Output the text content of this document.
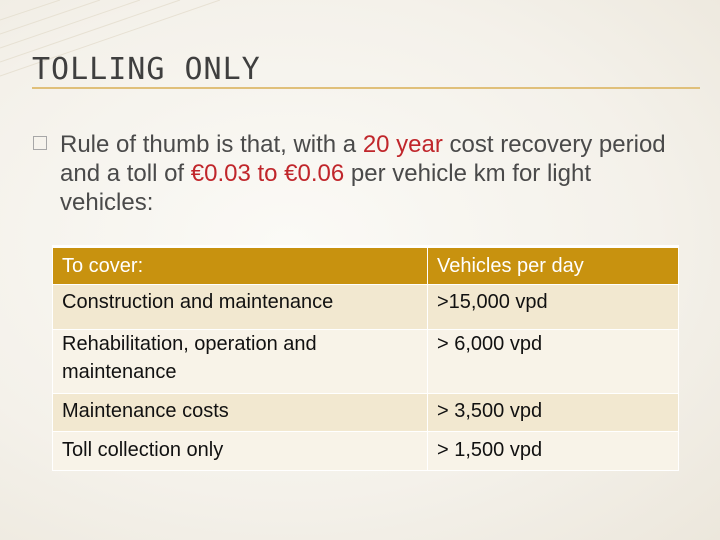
TOLLING ONLY
Rule of thumb is that, with a 20 year cost recovery period and a toll of €0.03 to €0.06 per vehicle km for light vehicles:
To cover:	Vehicles per day
Construction and maintenance	>15,000 vpd
Rehabilitation, operation and maintenance	> 6,000 vpd
Maintenance costs	> 3,500 vpd
Toll collection only	> 1,500 vpd
